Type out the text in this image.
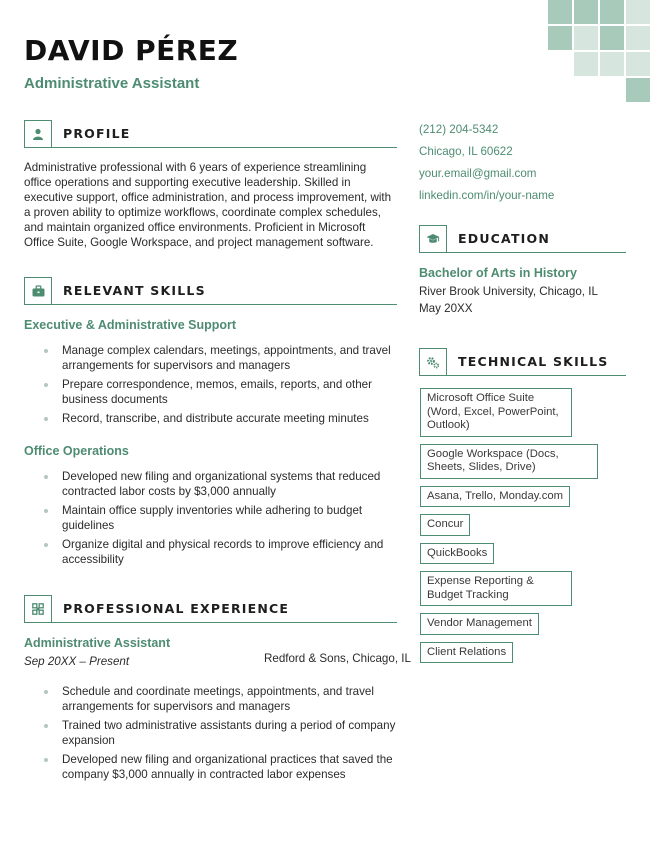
DAVID PÉREZ
Administrative Assistant
PROFILE
Administrative professional with 6 years of experience streamlining office operations and supporting executive leadership. Skilled in executive support, office administration, and process improvement, with a proven ability to optimize workflows, coordinate complex schedules, and maintain organized office environments. Proficient in Microsoft Office Suite, Google Workspace, and project management software.
RELEVANT SKILLS
Executive & Administrative Support
Manage complex calendars, meetings, appointments, and travel arrangements for supervisors and managers
Prepare correspondence, memos, emails, reports, and other business documents
Record, transcribe, and distribute accurate meeting minutes
Office Operations
Developed new filing and organizational systems that reduced contracted labor costs by $3,000 annually
Maintain office supply inventories while adhering to budget guidelines
Organize digital and physical records to improve efficiency and accessibility
PROFESSIONAL EXPERIENCE
Administrative Assistant
Sep 20XX – Present	Redford & Sons, Chicago, IL
Schedule and coordinate meetings, appointments, and travel arrangements for supervisors and managers
Trained two administrative assistants during a period of company expansion
Developed new filing and organizational practices that saved the company $3,000 annually in contracted labor expenses
(212) 204-5342
Chicago, IL 60622
your.email@gmail.com
linkedin.com/in/your-name
EDUCATION
Bachelor of Arts in History
River Brook University, Chicago, IL
May 20XX
TECHNICAL SKILLS
Microsoft Office Suite (Word, Excel, PowerPoint, Outlook)
Google Workspace (Docs, Sheets, Slides, Drive)
Asana, Trello, Monday.com
Concur
QuickBooks
Expense Reporting & Budget Tracking
Vendor Management
Client Relations
